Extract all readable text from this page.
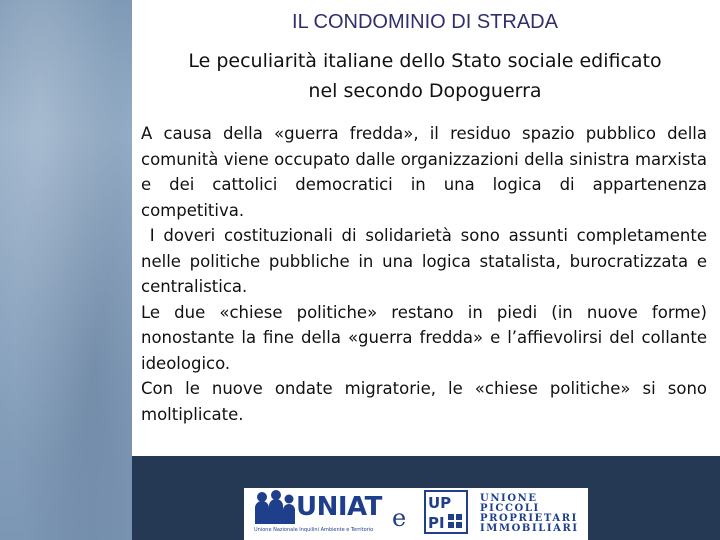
IL CONDOMINIO DI STRADA
Le peculiarità italiane dello Stato sociale edificato
nel secondo Dopoguerra

A causa della «guerra fredda», il residuo spazio pubblico della comunità viene occupato dalle organizzazioni della sinistra marxista e dei cattolici democratici in una logica di appartenenza competitiva.

I doveri costituzionali di solidarietà sono assunti completamente nelle politiche pubbliche in una logica statalista, burocratizzata e centralistica.

Le due «chiese politiche» restano in piedi (in nuove forme) nonostante la fine della «guerra fredda» e l’affievolirsi del collante ideologico.

Con le nuove ondate migratorie, le «chiese politiche» si sono moltiplicate.

UNIAT
Unione Nazionale Inquilini Ambiente e Territorio e
UP
PI
UNIONE
PICCOLI
PROPRIETARI
IMMOBILIARI
